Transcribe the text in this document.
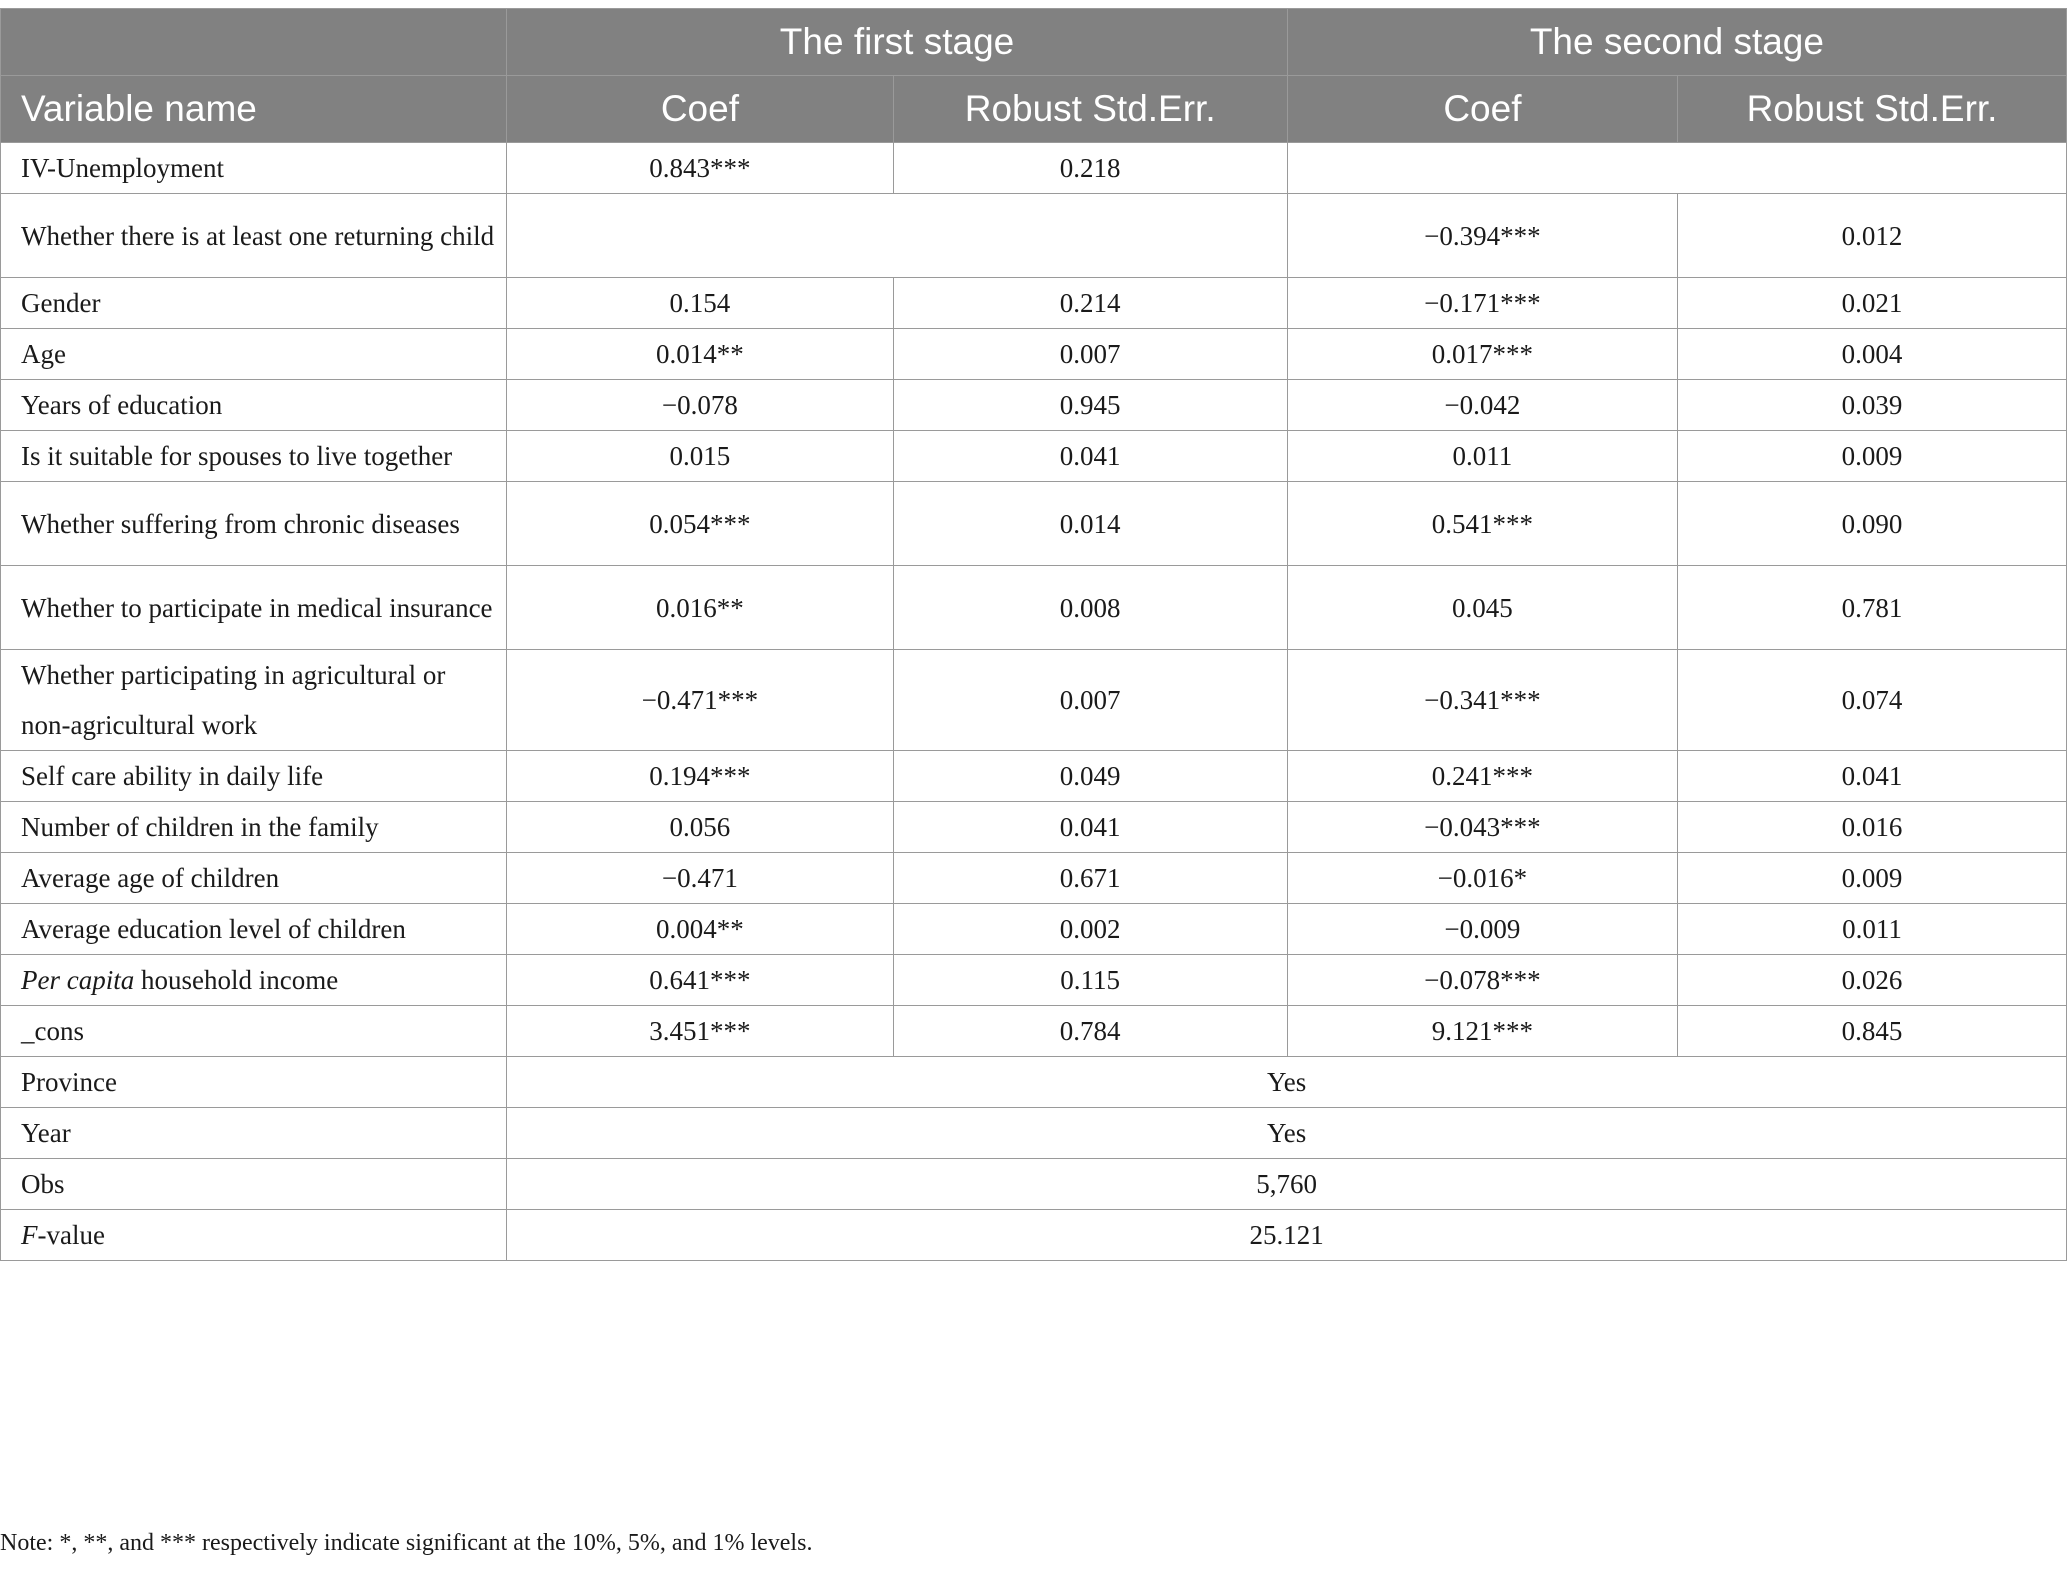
	The first stage		The second stage	
Variable name	Coef	Robust Std.Err.	Coef	Robust Std.Err.
IV-Unemployment	0.843***	0.218		
Whether there is at least one returning child			−0.394***	0.012
Gender	0.154	0.214	−0.171***	0.021
Age	0.014**	0.007	0.017***	0.004
Years of education	−0.078	0.945	−0.042	0.039
Is it suitable for spouses to live together	0.015	0.041	0.011	0.009
Whether suffering from chronic diseases	0.054***	0.014	0.541***	0.090
Whether to participate in medical insurance	0.016**	0.008	0.045	0.781
Whether participating in agricultural or non-agricultural work	−0.471***	0.007	−0.341***	0.074
Self care ability in daily life	0.194***	0.049	0.241***	0.041
Number of children in the family	0.056	0.041	−0.043***	0.016
Average age of children	−0.471	0.671	−0.016*	0.009
Average education level of children	0.004**	0.002	−0.009	0.011
Per capita household income	0.641***	0.115	−0.078***	0.026
_cons	3.451***	0.784	9.121***	0.845
Province	Yes			
Year	Yes			
Obs	5,760			
F-value	25.121			
Note: *, **, and *** respectively indicate significant at the 10%, 5%, and 1% levels.
